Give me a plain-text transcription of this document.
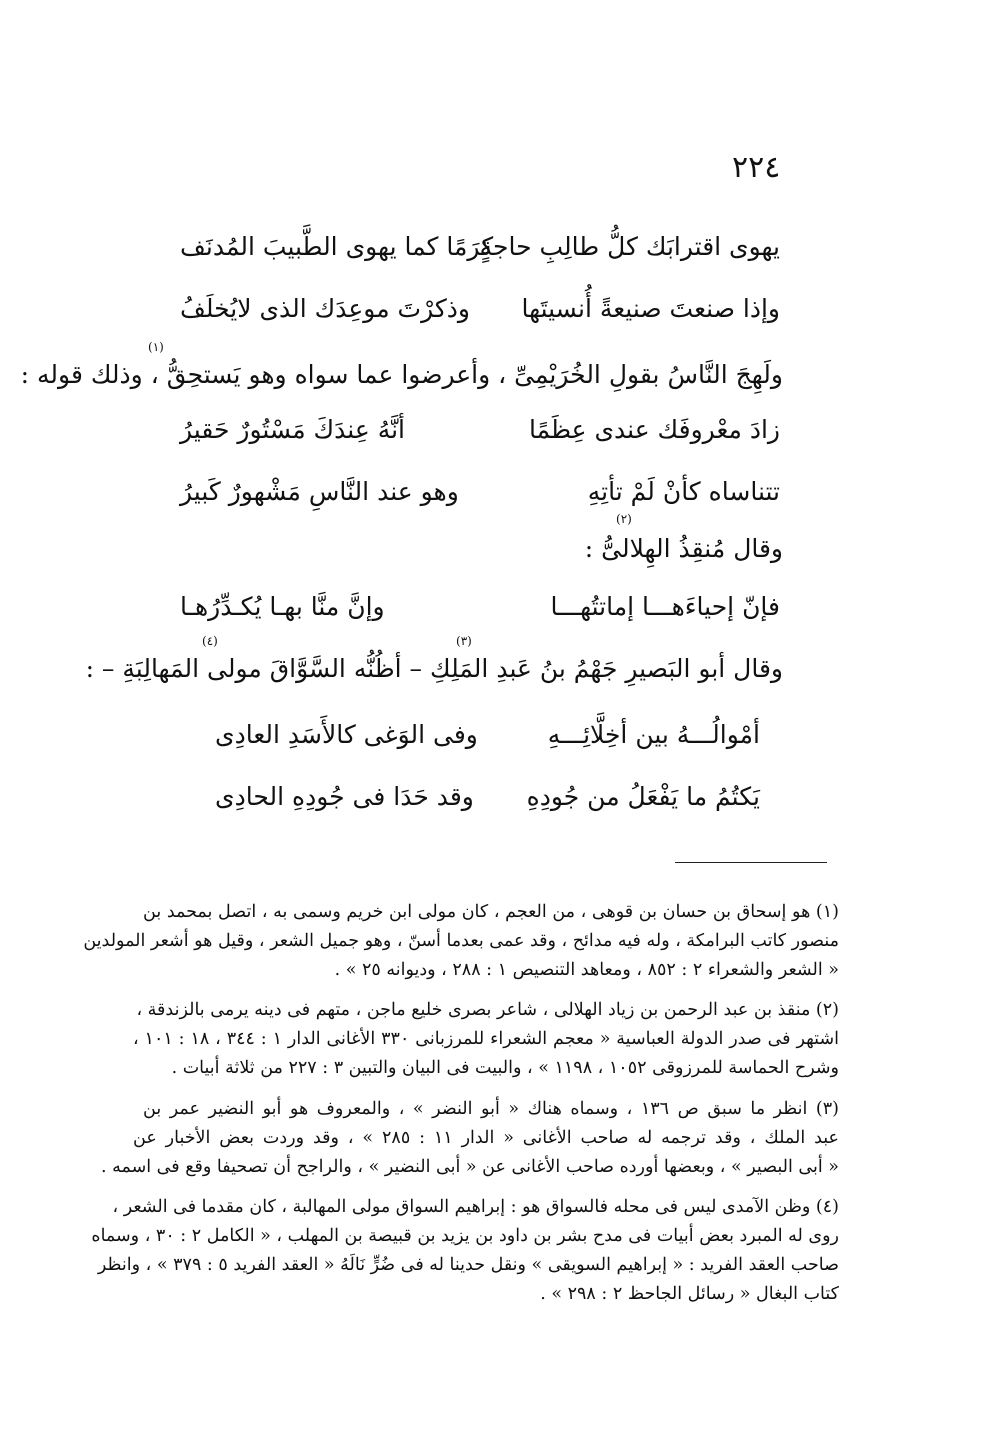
٢٢٤
يهوى اقترابَك كلُّ طالِبِ حاجةٍ
كرَمًا كما يهوى الطَّبيبَ المُدنَف
وإذا صنعتَ صنيعةً أُنسيتَها
وذكرْتَ موعِدَك الذى لايُخلَفُ
(١)
ولَهِجَ النَّاسُ بقولِ الخُرَيْمِىِّ ، وأعرضوا عما سواه وهو يَستحِقُّ ، وذلك قوله :
زادَ معْروفَك عندى عِظَمًا
أنَّهُ عِندَكَ مَسْتُورٌ حَقيرُ
تتناساه كأنْ لَمْ تأتِهِ
وهو عند النَّاسِ مَشْهورٌ كَبيرُ
(٢)
وقال مُنقِذُ الهِلالىُّ :
فإنّ إحياءَهـــا إماتتُهـــا
وإنَّ منَّا بهـا يُكـدِّرُهـا
(٣)
(٤)
وقال أبو البَصيرِ جَهْمُ بنُ عَبدِ المَلِكِ – أظُنُّه السَّوَّاقَ مولى المَهالِبَةِ – :
أمْوالُـــهُ بين أخِلَّائِـــهِ
وفى الوَغى كالأَسَدِ العادِى
يَكتُمُ ما يَفْعَلُ من جُودِهِ
وقد حَدَا فى جُودِهِ الحادِى
(١) هو إسحاق بن حسان بن قوهى ، من العجم ، كان مولى ابن خريم وسمى به ، اتصل بمحمد بن
منصور كاتب البرامكة ، وله فيه مدائح ، وقد عمى بعدما أسنّ ، وهو جميل الشعر ، وقيل هو أشعر المولدين
« الشعر والشعراء ٢ : ٨٥٢ ، ومعاهد التنصيص ١ : ٢٨٨ ، وديوانه ٢٥ » .
(٢) منقذ بن عبد الرحمن بن زياد الهلالى ، شاعر بصرى خليع ماجن ، متهم فى دينه يرمى بالزندقة ،
اشتهر فى صدر الدولة العباسية « معجم الشعراء للمرزبانى ٣٣٠ الأغانى الدار ١ : ٣٤٤ ، ١٨ : ١٠١ ،
وشرح الحماسة للمرزوقى ١٠٥٢ ، ١١٩٨ » ، والبيت فى البيان والتبين ٣ : ٢٢٧ من ثلاثة أبيات .
(٣) انظر ما سبق ص ١٣٦ ، وسماه هناك « أبو النضر » ، والمعروف هو أبو النضير عمر بن
عبد الملك ، وقد ترجمه له صاحب الأغانى « الدار ١١ : ٢٨٥ » ، وقد وردت بعض الأخبار عن
« أبى البصير » ، وبعضها أورده صاحب الأغانى عن « أبى النضير » ، والراجح أن تصحيفا وقع فى اسمه .
(٤) وظن الآمدى ليس فى محله فالسواق هو : إبراهيم السواق مولى المهالبة ، كان مقدما فى الشعر ،
روى له المبرد بعض أبيات فى مدح بشر بن داود بن يزيد بن قبيصة بن المهلب ، « الكامل ٢ : ٣٠ ، وسماه
صاحب العقد الفريد : « إبراهيم السويقى » ونقل حدينا له فى ضُرٍّ نَالَهُ « العقد الفريد ٥ : ٣٧٩ » ، وانظر
كتاب البغال « رسائل الجاحظ ٢ : ٢٩٨ » .
